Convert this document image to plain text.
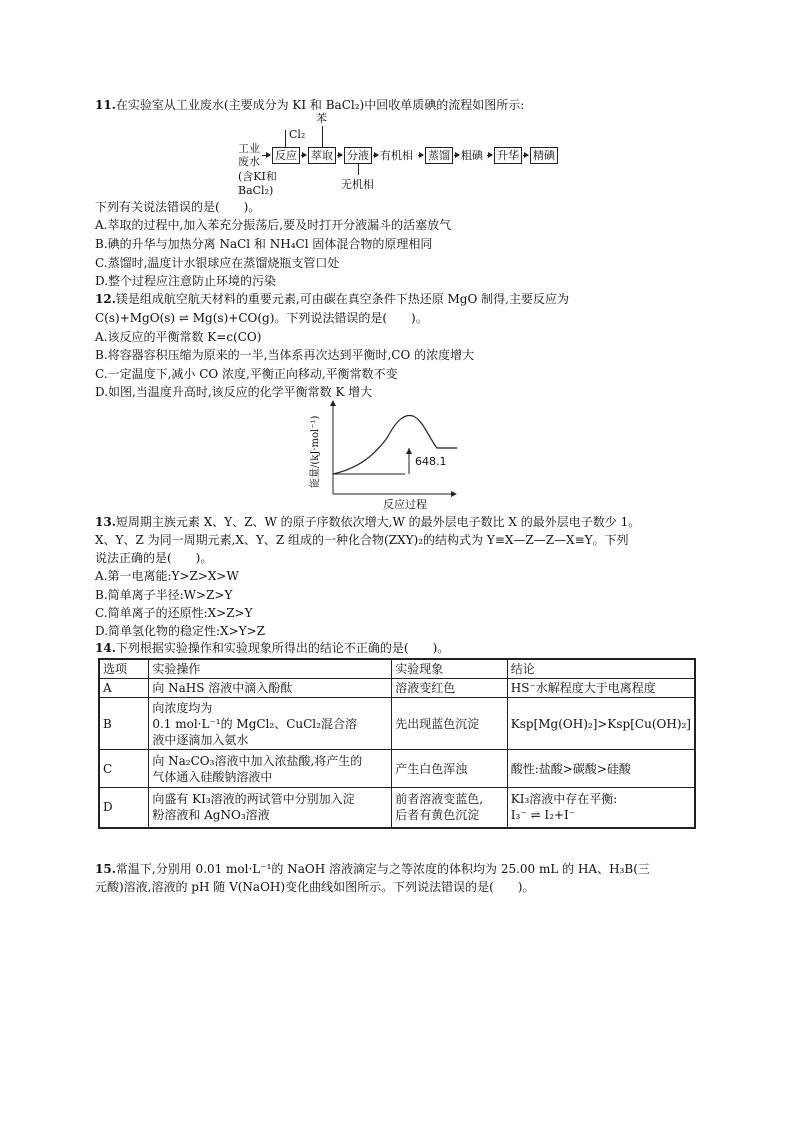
11.在实验室从工业废水(主要成分为 KI 和 BaCl₂)中回收单质碘的流程如图所示:
工业
废水
(含KI和
BaCl₂)
Cl₂
苯
反应 萃取 分液 有机相 蒸馏 粗碘 升华 精碘
无机相
下列有关说法错误的是(　　)。
A.萃取的过程中,加入苯充分振荡后,要及时打开分液漏斗的活塞放气
B.碘的升华与加热分离 NaCl 和 NH₄Cl 固体混合物的原理相同
C.蒸馏时,温度计水银球应在蒸馏烧瓶支管口处
D.整个过程应注意防止环境的污染
12.镁是组成航空航天材料的重要元素,可由碳在真空条件下热还原 MgO 制得,主要反应为
C(s)+MgO(s) ⇌ Mg(s)+CO(g)。下列说法错误的是(　　)。
A.该反应的平衡常数 K=c(CO)
B.将容器容积压缩为原来的一半,当体系再次达到平衡时,CO 的浓度增大
C.一定温度下,减小 CO 浓度,平衡正向移动,平衡常数不变
D.如图,当温度升高时,该反应的化学平衡常数 K 增大
648.1
能量/(kJ·mol⁻¹)
反应过程
13.短周期主族元素 X、Y、Z、W 的原子序数依次增大,W 的最外层电子数比 X 的最外层电子数少 1。
X、Y、Z 为同一周期元素,X、Y、Z 组成的一种化合物(ZXY)₂的结构式为 Y≡X—Z—Z—X≡Y。下列
说法正确的是(　　)。
A.第一电离能:Y>Z>X>W
B.简单离子半径:W>Z>Y
C.简单离子的还原性:X>Z>Y
D.简单氢化物的稳定性:X>Y>Z
14.下列根据实验操作和实验现象所得出的结论不正确的是(　　)。
选项	实验操作	实验现象	结论
A	向 NaHS 溶液中滴入酚酞	溶液变红色	HS⁻水解程度大于电离程度
B	向浓度均为
0.1 mol·L⁻¹的 MgCl₂、CuCl₂混合溶
液中逐滴加入氨水	先出现蓝色沉淀	Ksp[Mg(OH)₂]>Ksp[Cu(OH)₂]
C	向 Na₂CO₃溶液中加入浓盐酸,将产生的
气体通入硅酸钠溶液中	产生白色浑浊	酸性:盐酸>碳酸>硅酸
D	向盛有 KI₃溶液的两试管中分别加入淀
粉溶液和 AgNO₃溶液	前者溶液变蓝色,
后者有黄色沉淀	KI₃溶液中存在平衡:
I₃⁻ ⇌ I₂+I⁻
15.常温下,分别用 0.01 mol·L⁻¹的 NaOH 溶液滴定与之等浓度的体积均为 25.00 mL 的 HA、H₃B(三
元酸)溶液,溶液的 pH 随 V(NaOH)变化曲线如图所示。下列说法错误的是(　　)。
